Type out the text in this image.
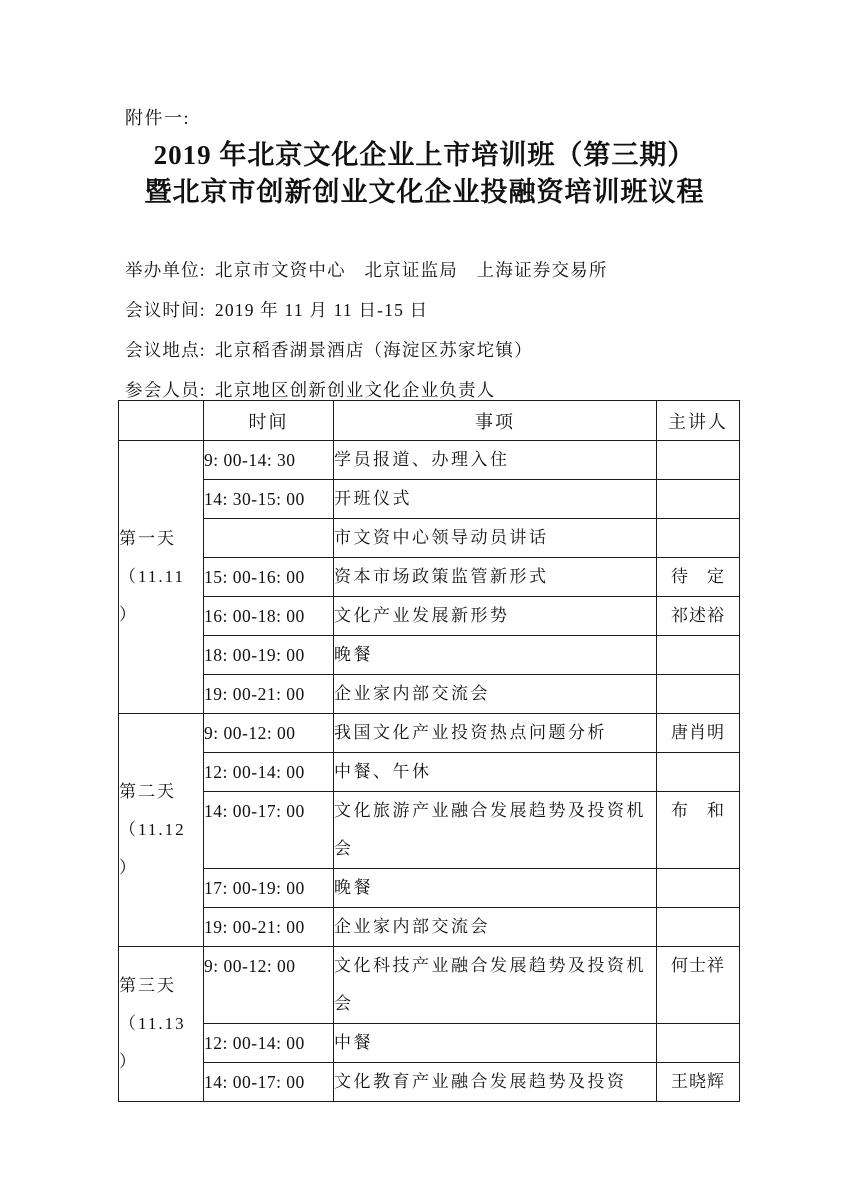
附件一:
2019 年北京文化企业上市培训班（第三期）
暨北京市创新创业文化企业投融资培训班议程
举办单位: 北京市文资中心　北京证监局　上海证券交易所
会议时间: 2019 年 11 月 11 日-15 日
会议地点: 北京稻香湖景酒店（海淀区苏家坨镇）
参会人员: 北京地区创新创业文化企业负责人
	时间	事项	主讲人

第一天
（11.11
）	9: 00-14: 30	学员报道、办理入住	
	14: 30-15: 00	开班仪式	
		市文资中心领导动员讲话	
	15: 00-16: 00	资本市场政策监管新形式	待　定
	16: 00-18: 00	文化产业发展新形势	祁述裕
	18: 00-19: 00	晚餐	
	19: 00-21: 00	企业家内部交流会	

第二天
（11.12
）	9: 00-12: 00	我国文化产业投资热点问题分析	唐肖明
	12: 00-14: 00	中餐、午休	
	14: 00-17: 00	文化旅游产业融合发展趋势及投资机会	布　和
	17: 00-19: 00	晚餐	
	19: 00-21: 00	企业家内部交流会	

第三天
（11.13
）	9: 00-12: 00	文化科技产业融合发展趋势及投资机会	何士祥
	12: 00-14: 00	中餐	
	14: 00-17: 00	文化教育产业融合发展趋势及投资	王晓辉
